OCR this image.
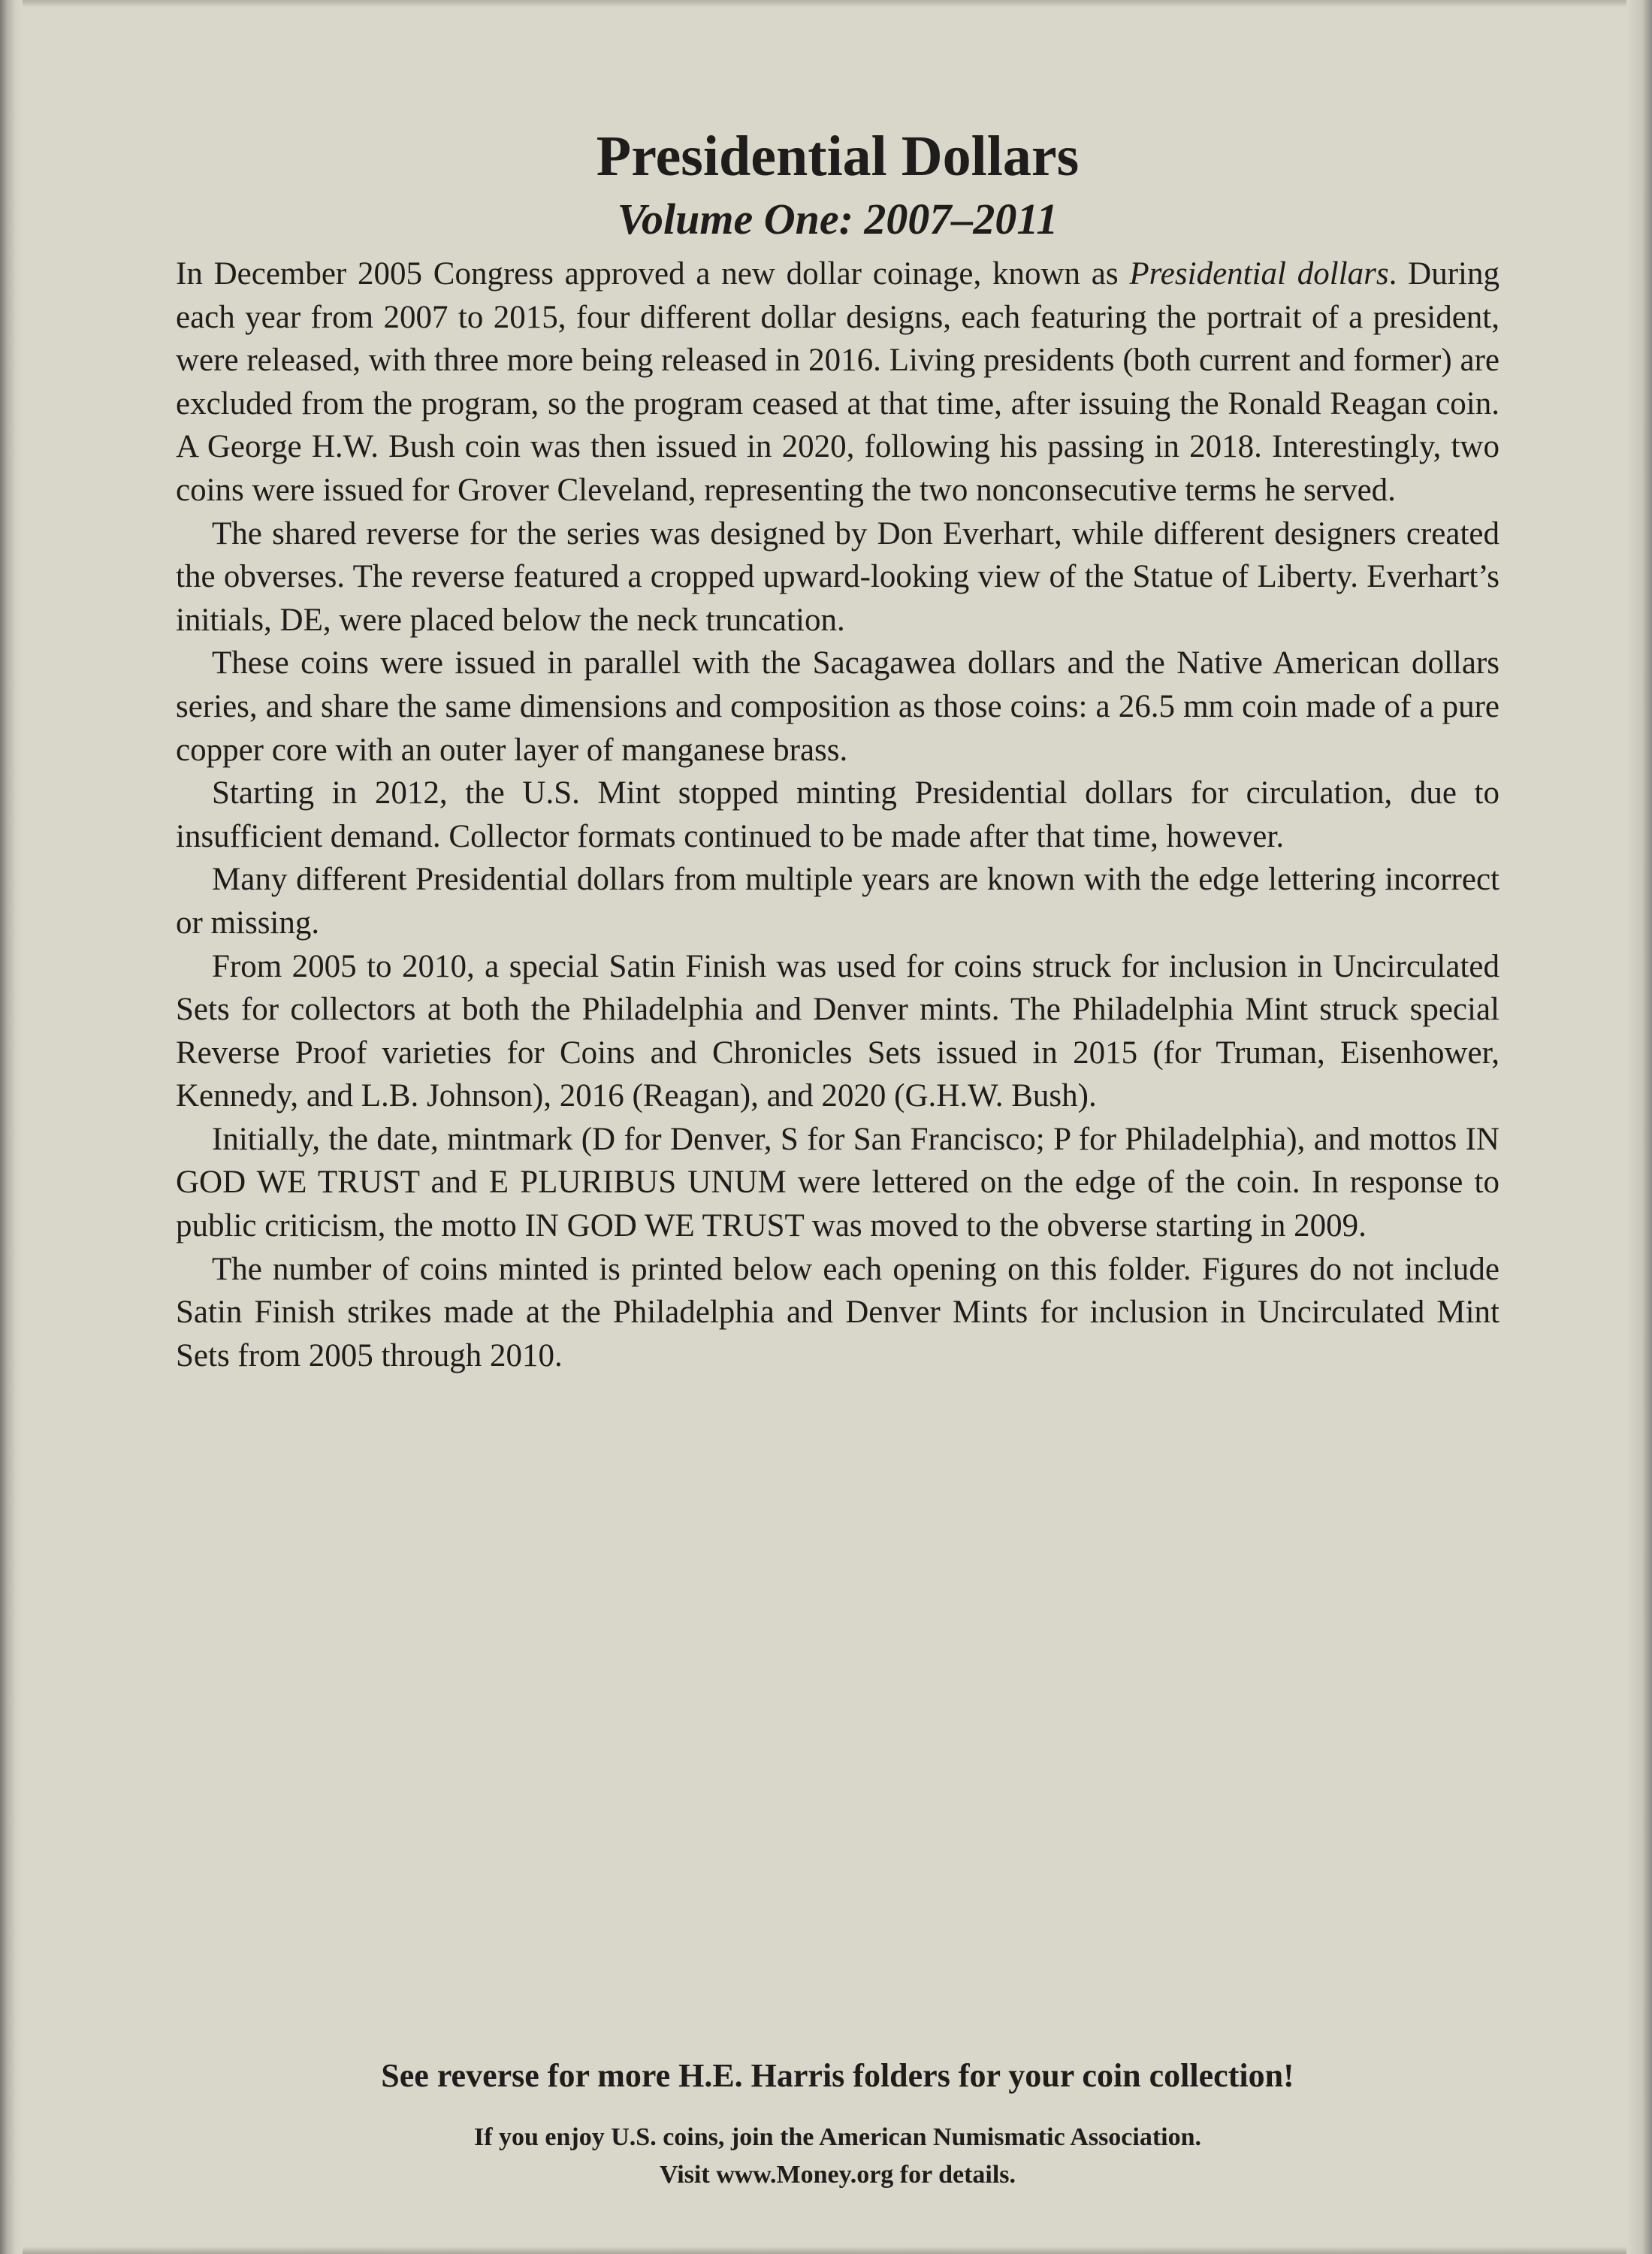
Presidential Dollars
Volume One: 2007–2011

In December 2005 Congress approved a new dollar coinage, known as Presidential dollars. During each year from 2007 to 2015, four different dollar designs, each featuring the portrait of a president, were released, with three more being released in 2016. Living presidents (both current and former) are excluded from the program, so the program ceased at that time, after issuing the Ronald Reagan coin. A George H.W. Bush coin was then issued in 2020, following his passing in 2018. Interestingly, two coins were issued for Grover Cleveland, representing the two nonconsecutive terms he served.

The shared reverse for the series was designed by Don Everhart, while different designers created the obverses. The reverse featured a cropped upward-looking view of the Statue of Liberty. Everhart’s initials, DE, were placed below the neck truncation.

These coins were issued in parallel with the Sacagawea dollars and the Native American dollars series, and share the same dimensions and composition as those coins: a 26.5 mm coin made of a pure copper core with an outer layer of manganese brass.

Starting in 2012, the U.S. Mint stopped minting Presidential dollars for circulation, due to insufficient demand. Collector formats continued to be made after that time, however.

Many different Presidential dollars from multiple years are known with the edge lettering incorrect or missing.

From 2005 to 2010, a special Satin Finish was used for coins struck for inclusion in Uncirculated Sets for collectors at both the Philadelphia and Denver mints. The Philadelphia Mint struck special Reverse Proof varieties for Coins and Chronicles Sets issued in 2015 (for Truman, Eisenhower, Kennedy, and L.B. Johnson), 2016 (Reagan), and 2020 (G.H.W. Bush).

Initially, the date, mintmark (D for Denver, S for San Francisco; P for Philadelphia), and mottos IN GOD WE TRUST and E PLURIBUS UNUM were lettered on the edge of the coin. In response to public criticism, the motto IN GOD WE TRUST was moved to the obverse starting in 2009.

The number of coins minted is printed below each opening on this folder. Figures do not include Satin Finish strikes made at the Philadelphia and Denver Mints for inclusion in Uncirculated Mint Sets from 2005 through 2010.

See reverse for more H.E. Harris folders for your coin collection!
If you enjoy U.S. coins, join the American Numismatic Association.
Visit www.Money.org for details.
